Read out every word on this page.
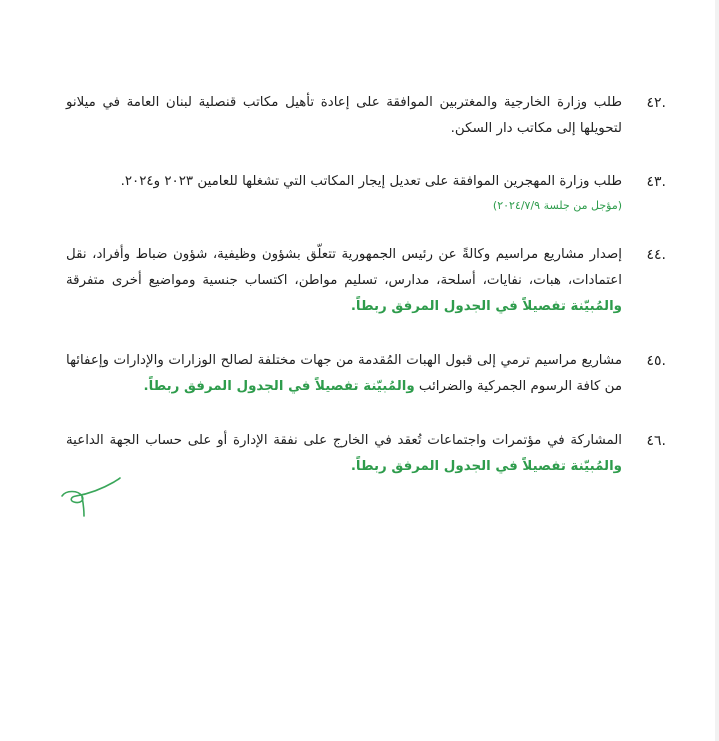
.٤٢

طلب وزارة الخارجية والمغتربين الموافقة على إعادة تأهيل مكاتب قنصلية لبنان العامة في ميلانو لتحويلها إلى مكاتب دار السكن.

.٤٣

طلب وزارة المهجرين الموافقة على تعديل إيجار المكاتب التي تشغلها للعامين ٢٠٢٣ و٢٠٢٤.

(مؤجل من جلسة ٢٠٢٤/٧/٩)
.٤٤

إصدار مشاريع مراسيم وكالةً عن رئيس الجمهورية تتعلّق بشؤون وظيفية، شؤون ضباط وأفراد، نقل اعتمادات، هبات، نفايات، أسلحة، مدارس، تسليم مواطن، اكتساب جنسية ومواضيع أخرى متفرقة والمُبيّنة تفصيلاً في الجدول المرفق ربطاً.

.٤٥

مشاريع مراسيم ترمي إلى قبول الهبات المُقدمة من جهات مختلفة لصالح الوزارات والإدارات وإعفائها من كافة الرسوم الجمركية والضرائب والمُبيّنة تفصيلاً في الجدول المرفق ربطاً.

.٤٦

المشاركة في مؤتمرات واجتماعات تُعقد في الخارج على نفقة الإدارة أو على حساب الجهة الداعية والمُبيّنة تفصيلاً في الجدول المرفق ربطاً.
